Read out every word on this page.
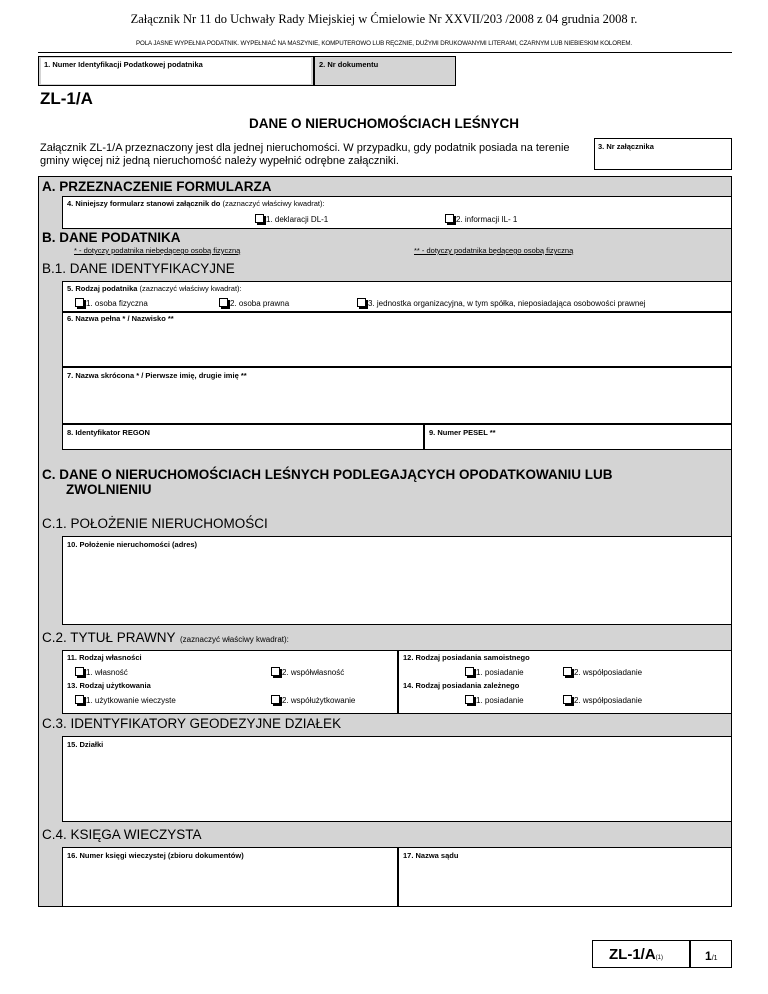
Załącznik Nr 11 do Uchwały Rady Miejskiej w Ćmielowie Nr XXVII/203 /2008 z 04 grudnia 2008 r.
POLA JASNE WYPEŁNIA PODATNIK. WYPEŁNIAĆ NA MASZYNIE, KOMPUTEROWO LUB RĘCZNIE, DUŻYMI DRUKOWANYMI LITERAMI, CZARNYM LUB NIEBIESKIM KOLOREM.
1. Numer Identyfikacji Podatkowej podatnika	2. Nr dokumentu
ZL-1/A
DANE O NIERUCHOMOŚCIACH LEŚNYCH
Załącznik ZL-1/A przeznaczony jest dla jednej nieruchomości. W przypadku, gdy podatnik posiada na terenie gminy więcej niż jedną nieruchomość należy wypełnić odrębne załączniki.
3. Nr załącznika
A. PRZEZNACZENIE FORMULARZA
4. Niniejszy formularz stanowi załącznik do (zaznaczyć właściwy kwadrat):
1. deklaracji DL-1	2. informacji IL- 1
B. DANE PODATNIKA
* - dotyczy podatnika niebędącego osobą fizyczną	** - dotyczy podatnika będącego osobą fizyczną
B.1. DANE IDENTYFIKACYJNE
5. Rodzaj podatnika (zaznaczyć właściwy kwadrat):
1. osoba fizyczna	2. osoba prawna	3. jednostka organizacyjna, w tym spółka, nieposiadająca osobowości prawnej
6. Nazwa pełna * / Nazwisko **
7. Nazwa skrócona * / Pierwsze imię, drugie imię **
8. Identyfikator REGON	9. Numer PESEL **
C. DANE O NIERUCHOMOŚCIACH LEŚNYCH PODLEGAJĄCYCH OPODATKOWANIU LUB
ZWOLNIENIU
C.1. POŁOŻENIE NIERUCHOMOŚCI
10. Położenie nieruchomości (adres)
C.2. TYTUŁ PRAWNY (zaznaczyć właściwy kwadrat):
11. Rodzaj własności
1. własność	2. współwłasność
13. Rodzaj użytkowania
1. użytkowanie wieczyste	2. współużytkowanie
12. Rodzaj posiadania samoistnego
1. posiadanie	2. współposiadanie
14. Rodzaj posiadania zależnego
1. posiadanie	2. współposiadanie
C.3. IDENTYFIKATORY GEODEZYJNE DZIAŁEK
15. Działki
C.4. KSIĘGA WIECZYSTA
16. Numer księgi wieczystej (zbioru dokumentów)	17. Nazwa sądu
ZL-1/A(1)	1/1
